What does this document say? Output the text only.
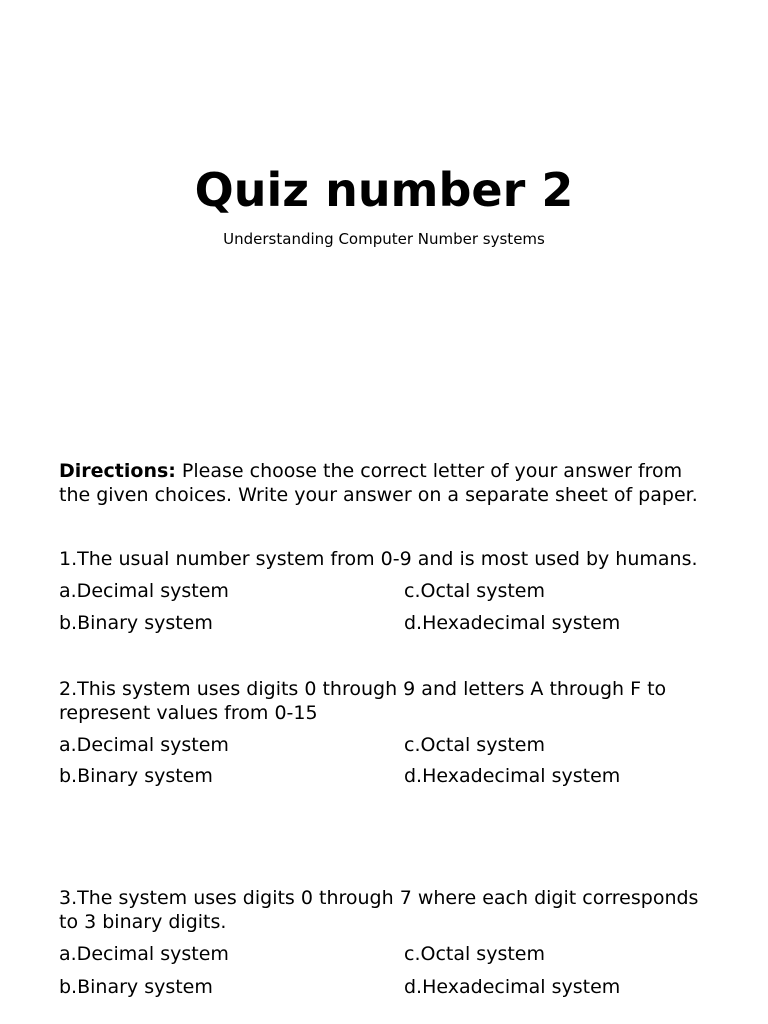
Quiz number 2
Understanding Computer Number systems
Directions: Please choose the correct letter of your answer from the given choices. Write your answer on a separate sheet of paper.
1.The usual number system from 0-9 and is most used by humans.
a.Decimal system	c.Octal system
b.Binary system	d.Hexadecimal system
2.This system uses digits 0 through 9 and letters A through F to represent values from 0-15
a.Decimal system	c.Octal system
b.Binary system	d.Hexadecimal system
3.The system uses digits 0 through 7 where each digit corresponds to 3 binary digits.
a.Decimal system	c.Octal system
b.Binary system	d.Hexadecimal system
